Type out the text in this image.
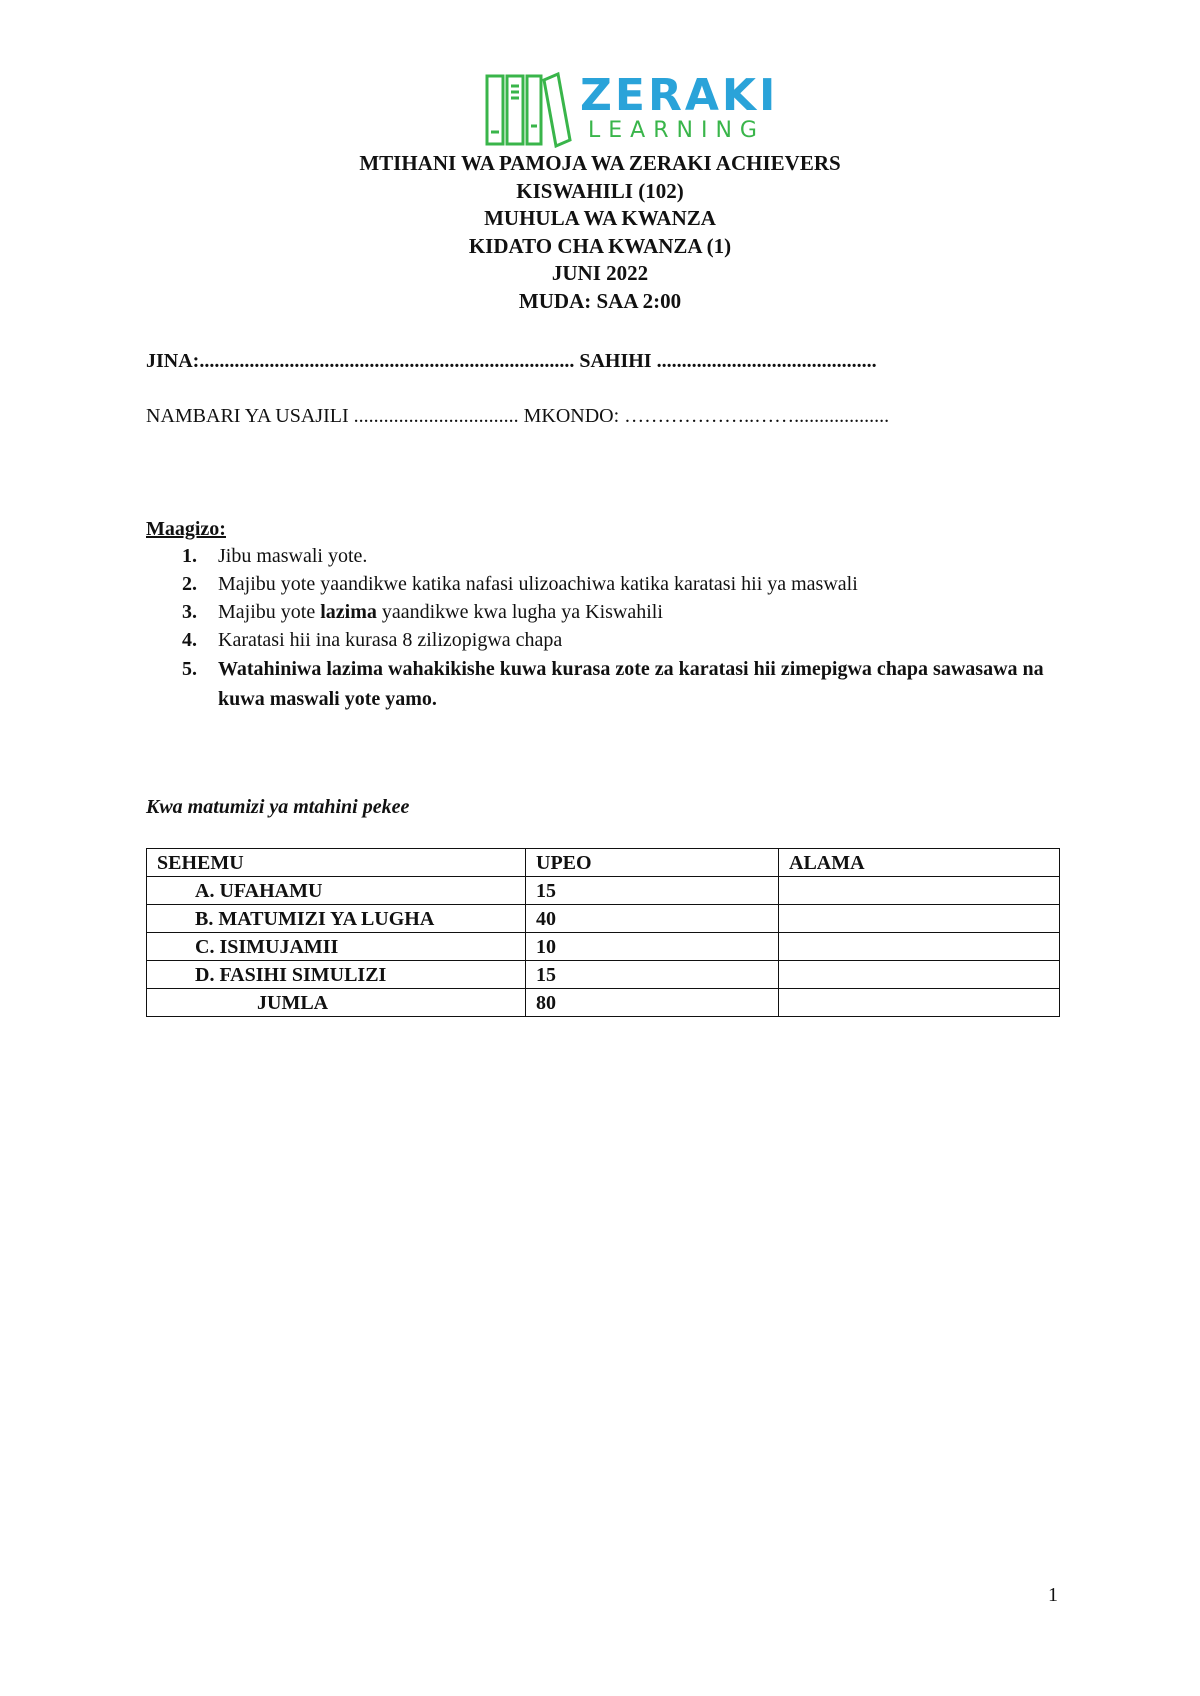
ZERAKI
LEARNING
MTIHANI WA PAMOJA WA ZERAKI ACHIEVERS
KISWAHILI (102)
MUHULA WA KWANZA
KIDATO CHA KWANZA (1)
JUNI 2022
MUDA: SAA 2:00
JINA:........................................................................... SAHIHI ............................................
NAMBARI YA USAJILI ................................. MKONDO: ………………..……...................
Maagizo:
1. Jibu maswali yote.
2. Majibu yote yaandikwe katika nafasi ulizoachiwa katika karatasi hii ya maswali
3. Majibu yote lazima yaandikwe kwa lugha ya Kiswahili
4. Karatasi hii ina kurasa 8 zilizopigwa chapa
5. Watahiniwa lazima wahakikishe kuwa kurasa zote za karatasi hii zimepigwa chapa sawasawa na kuwa maswali yote yamo.
Kwa matumizi ya mtahini pekee
SEHEMU	UPEO	ALAMA
A. UFAHAMU	15	
B. MATUMIZI YA LUGHA	40	
C. ISIMUJAMII	10	
D. FASIHI SIMULIZI	15	
JUMLA	80	
1
